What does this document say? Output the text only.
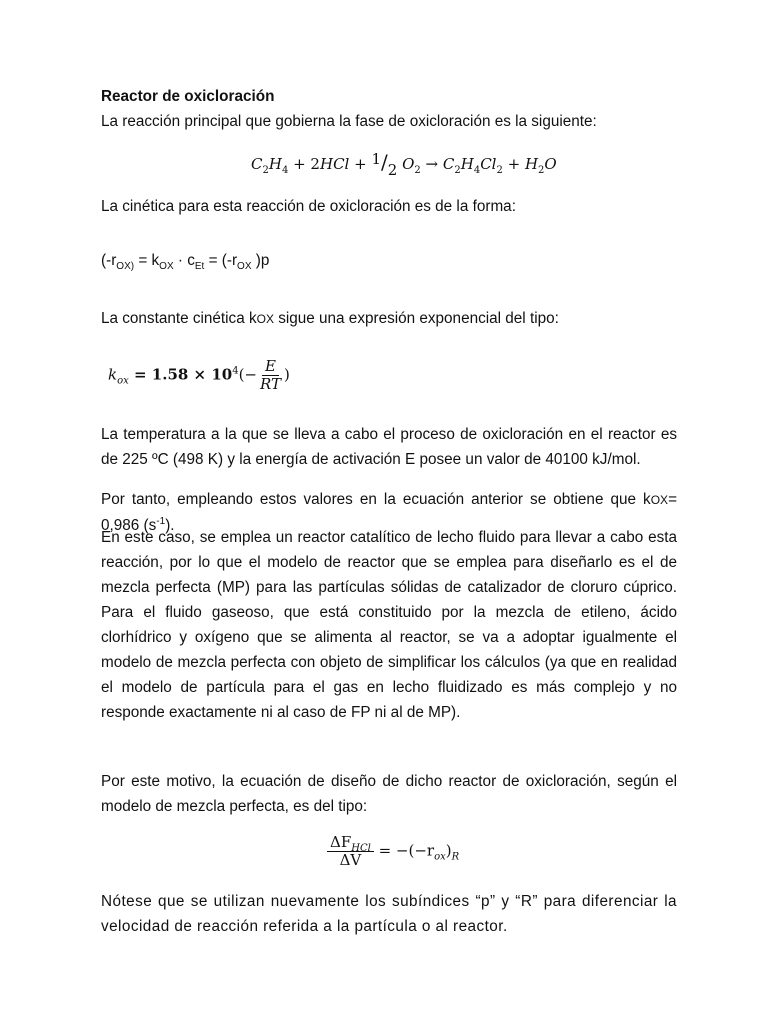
Reactor de oxicloración
La reacción principal que gobierna la fase de oxicloración es la siguiente:
$C_2H_4 + 2HCl + ^1/_2$ $O_2 \to C_2H_4Cl_2 + H_2O$
La cinética para esta reacción de oxicloración es de la forma:
($-r_{OX)} = k_{OX} \cdot c_{Et} = (-r_{OX}$ )p
La constante cinética kOX sigue una expresión exponencial del tipo:
$k_{ox} = 1.58 \times 10^4(- \frac{E}{RT}$ )
La temperatura a la que se lleva a cabo el proceso de oxicloración en el reactor es de 225 ºC (498 K) y la energía de activación E posee un valor de 40100 kJ/mol.
Por tanto, empleando estos valores en la ecuación anterior se obtiene que kOX= 0,986 $(s^{-1})$.
En este caso, se emplea un reactor catalítico de lecho fluido para llevar a cabo esta reacción, por lo que el modelo de reactor que se emplea para diseñarlo es el de mezcla perfecta (MP) para las partículas sólidas de catalizador de cloruro cúprico. Para el fluido gaseoso, que está constituido por la mezcla de etileno, ácido clorhídrico y oxígeno que se alimenta al reactor, se va a adoptar igualmente el modelo de mezcla perfecta con objeto de simplificar los cálculos (ya que en realidad el modelo de partícula para el gas en lecho fluidizado es más complejo y no responde exactamente ni al caso de FP ni al de MP).
Por este motivo, la ecuación de diseño de dicho reactor de oxicloración, según el modelo de mezcla perfecta, es del tipo:
$\frac{\Delta F_{HCl}}{\Delta V} = -(-r_{ox})_R$
Nótese que se utilizan nuevamente los subíndices “p” y “R” para diferenciar la velocidad de reacción referida a la partícula o al reactor.
